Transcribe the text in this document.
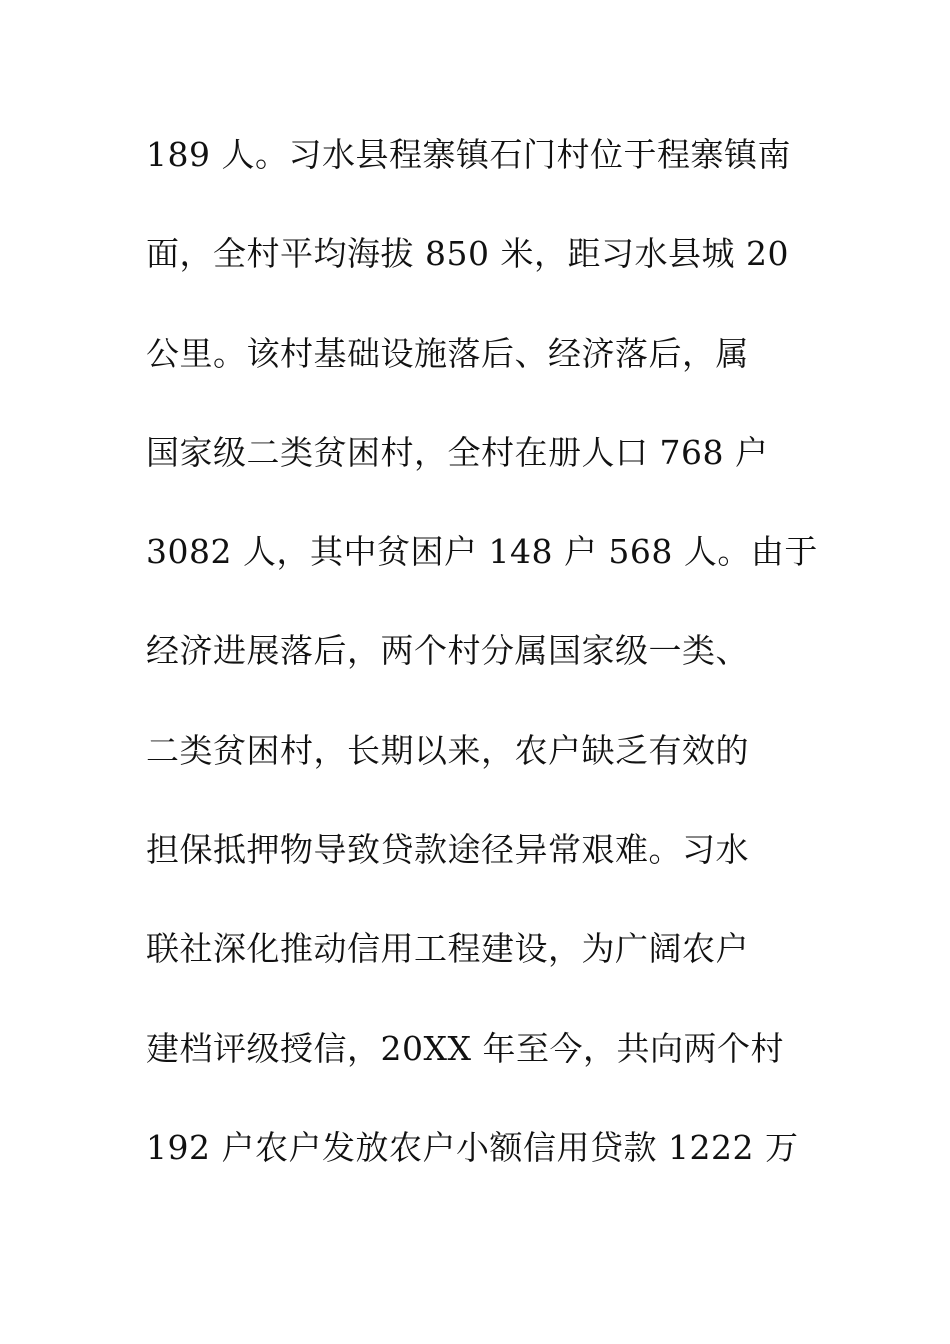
189 人。习水县程寨镇石门村位于程寨镇南
面，全村平均海拔 850 米，距习水县城 20
公里。该村基础设施落后、经济落后，属
国家级二类贫困村，全村在册人口 768 户
3082 人，其中贫困户 148 户 568 人。由于
经济进展落后，两个村分属国家级一类、
二类贫困村，长期以来，农户缺乏有效的
担保抵押物导致贷款途径异常艰难。习水
联社深化推动信用工程建设，为广阔农户
建档评级授信，20XX 年至今，共向两个村
192 户农户发放农户小额信用贷款 1222 万
